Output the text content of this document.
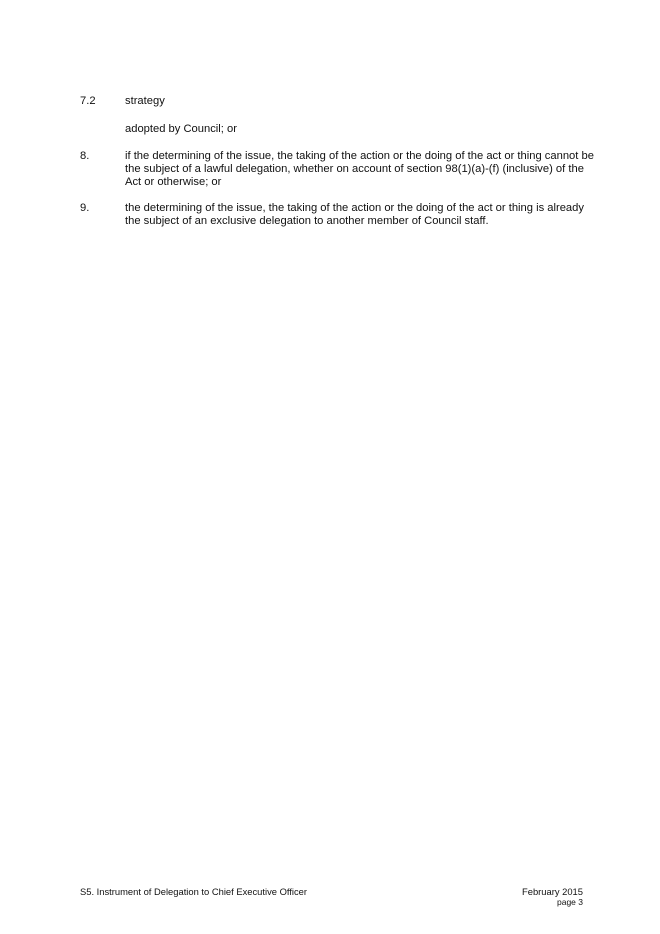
7.2	strategy
adopted by Council; or
8.	if the determining of the issue, the taking of the action or the doing of the act or thing cannot be the subject of a lawful delegation, whether on account of section 98(1)(a)-(f) (inclusive) of the Act or otherwise; or
9.	the determining of the issue, the taking of the action or the doing of the act or thing is already the subject of an exclusive delegation to another member of Council staff.
S5. Instrument of Delegation to Chief Executive Officer	February 2015
page 3
